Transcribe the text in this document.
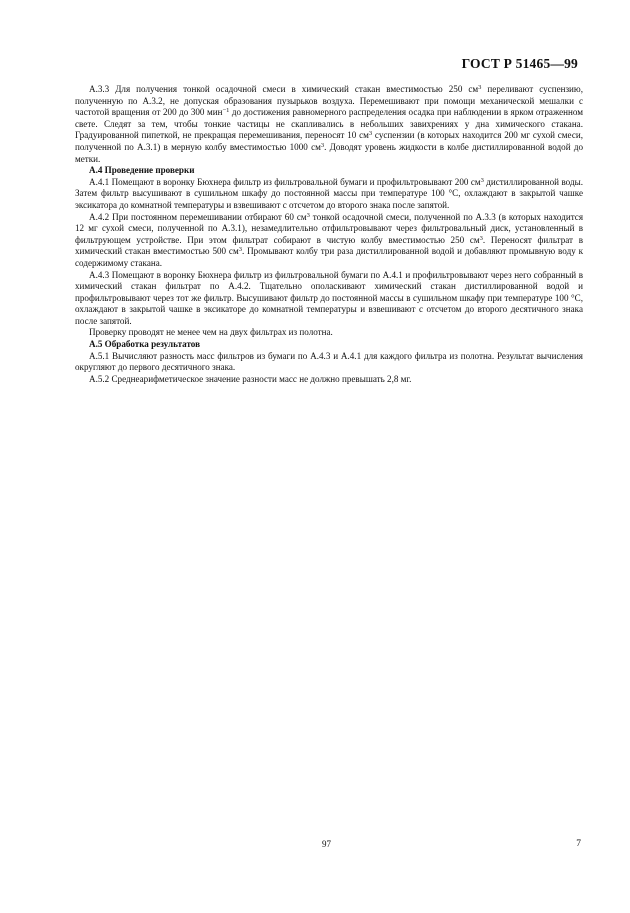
ГОСТ Р 51465—99

А.3.3 Для получения тонкой осадочной смеси в химический стакан вместимостью 250 $см^3$ переливают суспензию, полученную по А.3.2, не допуская образования пузырьков воздуха. Перемешивают при помощи механической мешалки с частотой вращения от 200 до 300 мин$^{-1}$ до достижения равномерного распределения осадка при наблюдении в ярком отраженном свете. Следят за тем, чтобы тонкие частицы не скапливались в небольших завихрениях у дна химического стакана. Градуированной пипеткой, не прекращая перемешивания, переносят 10 $см^3$ суспензии (в которых находится 200 мг сухой смеси, полученной по А.3.1) в мерную колбу вместимостью 1000 $см^3$. Доводят уровень жидкости в колбе дистиллированной водой до метки.

А.4 Проведение проверки

А.4.1 Помещают в воронку Бюхнера фильтр из фильтровальной бумаги и профильтровывают 200 $см^3$ дистиллированной воды. Затем фильтр высушивают в сушильном шкафу до постоянной массы при температуре 100 °С, охлаждают в закрытой чашке эксикатора до комнатной температуры и взвешивают с отсчетом до второго знака после запятой.

А.4.2 При постоянном перемешивании отбирают 60 $см^3$ тонкой осадочной смеси, полученной по А.3.3 (в которых находится 12 мг сухой смеси, полученной по А.3.1), незамедлительно отфильтровывают через фильтровальный диск, установленный в фильтрующем устройстве. При этом фильтрат собирают в чистую колбу вместимостью 250 $см^3$. Переносят фильтрат в химический стакан вместимостью 500 $см^3$. Промывают колбу три раза дистиллированной водой и добавляют промывную воду к содержимому стакана.

А.4.3 Помещают в воронку Бюхнера фильтр из фильтровальной бумаги по А.4.1 и профильтровывают через него собранный в химический стакан фильтрат по А.4.2. Тщательно ополаскивают химический стакан дистиллированной водой и профильтровывают через тот же фильтр. Высушивают фильтр до постоянной массы в сушильном шкафу при температуре 100 °С, охлаждают в закрытой чашке в эксикаторе до комнатной температуры и взвешивают с отсчетом до второго десятичного знака после запятой.

Проверку проводят не менее чем на двух фильтрах из полотна.

А.5 Обработка результатов

А.5.1 Вычисляют разность масс фильтров из бумаги по А.4.3 и А.4.1 для каждого фильтра из полотна. Результат вычисления округляют до первого десятичного знака.

А.5.2 Среднеарифметическое значение разности масс не должно превышать 2,8 мг.

97	7
